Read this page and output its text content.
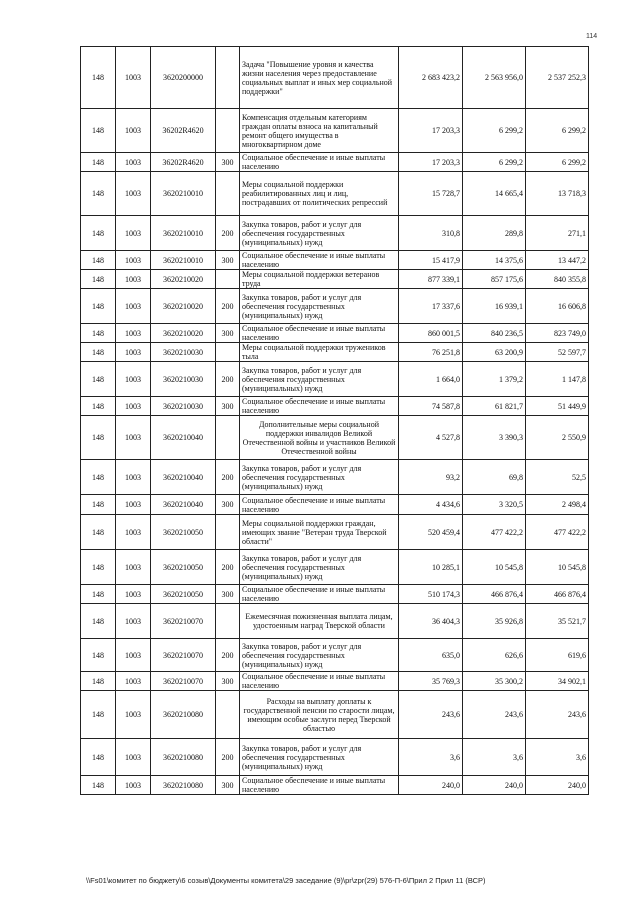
114
148	1003	3620200000		Задача "Повышение уровня и качества жизни населения через предоставление социальных выплат и иных мер социальной поддержки"	2 683 423,2	2 563 956,0	2 537 252,3
148	1003	36202R4620		Компенсация отдельным категориям граждан оплаты взноса на капитальный ремонт общего имущества в многоквартирном доме	17 203,3	6 299,2	6 299,2
148	1003	36202R4620	300	Социальное обеспечение и иные выплаты населению	17 203,3	6 299,2	6 299,2
148	1003	3620210010		Меры социальной поддержки реабилитированных лиц и лиц, пострадавших от политических репрессий	15 728,7	14 665,4	13 718,3
148	1003	3620210010	200	Закупка товаров, работ и услуг для обеспечения государственных (муниципальных) нужд	310,8	289,8	271,1
148	1003	3620210010	300	Социальное обеспечение и иные выплаты населению	15 417,9	14 375,6	13 447,2
148	1003	3620210020		Меры социальной поддержки ветеранов труда	877 339,1	857 175,6	840 355,8
148	1003	3620210020	200	Закупка товаров, работ и услуг для обеспечения государственных (муниципальных) нужд	17 337,6	16 939,1	16 606,8
148	1003	3620210020	300	Социальное обеспечение и иные выплаты населению	860 001,5	840 236,5	823 749,0
148	1003	3620210030		Меры социальной поддержки тружеников тыла	76 251,8	63 200,9	52 597,7
148	1003	3620210030	200	Закупка товаров, работ и услуг для обеспечения государственных (муниципальных) нужд	1 664,0	1 379,2	1 147,8
148	1003	3620210030	300	Социальное обеспечение и иные выплаты населению	74 587,8	61 821,7	51 449,9
148	1003	3620210040		Дополнительные меры социальной поддержки инвалидов Великой Отечественной войны и участников Великой Отечественной войны	4 527,8	3 390,3	2 550,9
148	1003	3620210040	200	Закупка товаров, работ и услуг для обеспечения государственных (муниципальных) нужд	93,2	69,8	52,5
148	1003	3620210040	300	Социальное обеспечение и иные выплаты населению	4 434,6	3 320,5	2 498,4
148	1003	3620210050		Меры социальной поддержки граждан, имеющих звание "Ветеран труда Тверской области"	520 459,4	477 422,2	477 422,2
148	1003	3620210050	200	Закупка товаров, работ и услуг для обеспечения государственных (муниципальных) нужд	10 285,1	10 545,8	10 545,8
148	1003	3620210050	300	Социальное обеспечение и иные выплаты населению	510 174,3	466 876,4	466 876,4
148	1003	3620210070		Ежемесячная пожизненная выплата лицам, удостоенным наград Тверской области	36 404,3	35 926,8	35 521,7
148	1003	3620210070	200	Закупка товаров, работ и услуг для обеспечения государственных (муниципальных) нужд	635,0	626,6	619,6
148	1003	3620210070	300	Социальное обеспечение и иные выплаты населению	35 769,3	35 300,2	34 902,1
148	1003	3620210080		Расходы на выплату доплаты к государственной пенсии по старости лицам, имеющим особые заслуги перед Тверской областью	243,6	243,6	243,6
148	1003	3620210080	200	Закупка товаров, работ и услуг для обеспечения государственных (муниципальных) нужд	3,6	3,6	3,6
148	1003	3620210080	300	Социальное обеспечение и иные выплаты населению	240,0	240,0	240,0
\\Fs01\комитет по бюджету\6 созыв\Документы комитета\29 заседание (9)\pr\zpr(29) 576-П-6\Прил 2 Прил 11 (ВСР)
